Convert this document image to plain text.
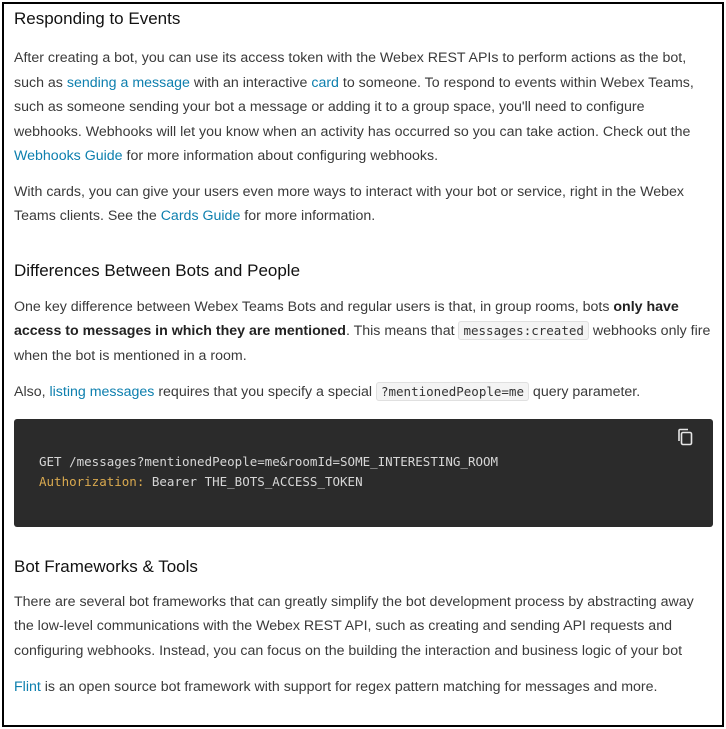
Responding to Events

After creating a bot, you can use its access token with the Webex REST APIs to perform actions as the bot, such as sending a message with an interactive card to someone. To respond to events within Webex Teams, such as someone sending your bot a message or adding it to a group space, you'll need to configure webhooks. Webhooks will let you know when an activity has occurred so you can take action. Check out the Webhooks Guide for more information about configuring webhooks.

With cards, you can give your users even more ways to interact with your bot or service, right in the Webex Teams clients. See the Cards Guide for more information.

Differences Between Bots and People

One key difference between Webex Teams Bots and regular users is that, in group rooms, bots only have access to messages in which they are mentioned. This means that messages:created webhooks only fire when the bot is mentioned in a room.

Also, listing messages requires that you specify a special ?mentionedPeople=me query parameter.

GET /messages?mentionedPeople=me&roomId=SOME_INTERESTING_ROOM
Authorization: Bearer THE_BOTS_ACCESS_TOKEN
Bot Frameworks & Tools

There are several bot frameworks that can greatly simplify the bot development process by abstracting away the low-level communications with the Webex REST API, such as creating and sending API requests and configuring webhooks. Instead, you can focus on the building the interaction and business logic of your bot

Flint is an open source bot framework with support for regex pattern matching for messages and more.
